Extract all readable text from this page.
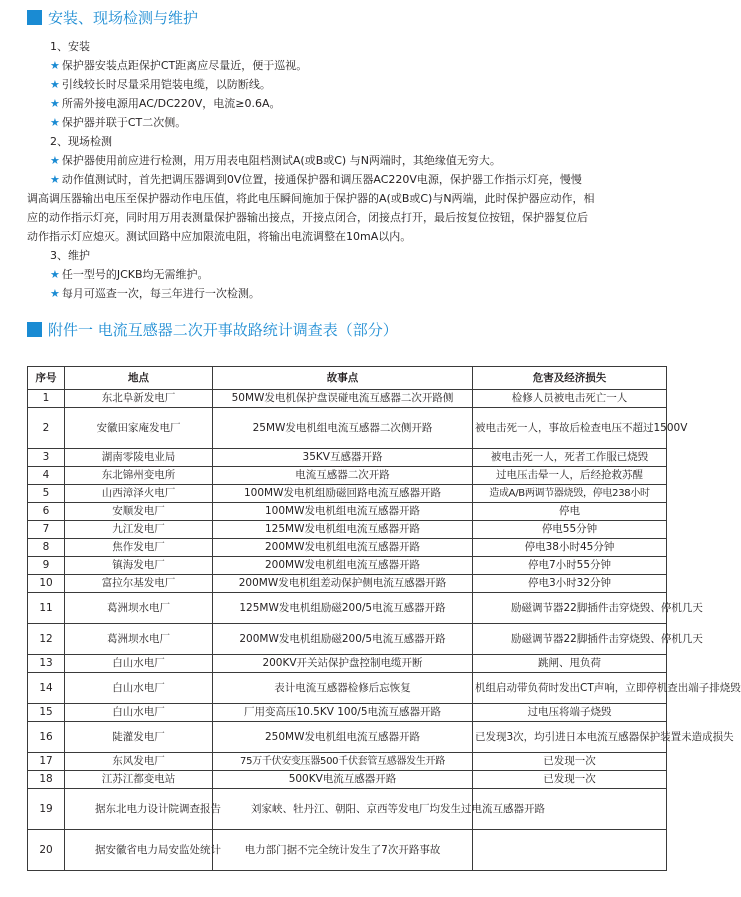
安装、现场检测与维护
1、安装
★ 保护器安装点距保护CT距离应尽量近，便于巡视。
★ 引线较长时尽量采用铠装电缆，以防断线。
★ 所需外接电源用AC/DC220V，电流≥0.6A。
★ 保护器并联于CT二次侧。
2、现场检测
★ 保护器使用前应进行检测，用万用表电阻档测试A(或B或C) 与N两端时，其绝缘值无穷大。
★ 动作值测试时，首先把调压器调到0V位置，接通保护器和调压器AC220V电源，保护器工作指示灯亮，慢慢
调高调压器输出电压至保护器动作电压值，将此电压瞬间施加于保护器的A(或B或C)与N两端，此时保护器应动作，相
应的动作指示灯亮，同时用万用表测量保护器输出接点，开接点闭合，闭接点打开，最后按复位按钮，保护器复位后
动作指示灯应熄灭。测试回路中应加限流电阻，将输出电流调整在10mA以内。
3、维护
★ 任一型号的JCKB均无需维护。
★ 每月可巡查一次，每三年进行一次检测。
附件一 电流互感器二次开事故路统计调查表（部分）
序号	地点	故事点	危害及经济损失
1	东北阜新发电厂	50MW发电机保护盘误碰电流互感器二次开路侧	检修人员被电击死亡一人
2	安徽田家庵发电厂	25MW发电机组电流互感器二次侧开路	被电击死一人，事故后检查电压不超过1500V
3	湖南零陵电业局	35KV互感器开路	被电击死一人，死者工作服已烧毁
4	东北锦州变电所	电流互感器二次开路	过电压击晕一人，后经抢救苏醒
5	山西漳泽火电厂	100MW发电机组励磁回路电流互感器开路	造成A/B两调节器烧毁，停电238小时
6	安顺发电厂	100MW发电机组电流互感器开路	停电
7	九江发电厂	125MW发电机组电流互感器开路	停电55分钟
8	焦作发电厂	200MW发电机组电流互感器开路	停电38小时45分钟
9	镇海发电厂	200MW发电机组电流互感器开路	停电7小时55分钟
10	富拉尔基发电厂	200MW发电机组差动保护侧电流互感器开路	停电3小时32分钟
11	葛洲坝水电厂	125MW发电机组励磁200/5电流互感器开路	励磁调节器22脚插件击穿烧毁、停机几天
12	葛洲坝水电厂	200MW发电机组励磁200/5电流互感器开路	励磁调节器22脚插件击穿烧毁、停机几天
13	白山水电厂	200KV开关站保护盘控制电缆开断	跳闸、甩负荷
14	白山水电厂	表计电流互感器检修后忘恢复	机组启动带负荷时发出CT声响，立即停机查出端子排烧毁
15	白山水电厂	厂用变高压10.5KV 100/5电流互感器开路	过电压将端子烧毁
16	陡灌发电厂	250MW发电机组电流互感器开路	已发现3次，均引进日本电流互感器保护装置未造成损失
17	东风发电厂	75万千伏安变压器500千伏套管互感器发生开路	已发现一次
18	江苏江都变电站	500KV电流互感器开路	已发现一次
19	据东北电力设计院调查报告	刘家峡、牡丹江、朝阳、京西等发电厂均发生过电流互感器开路	
20	据安徽省电力局安监处统计	电力部门据不完全统计发生了7次开路事故	
